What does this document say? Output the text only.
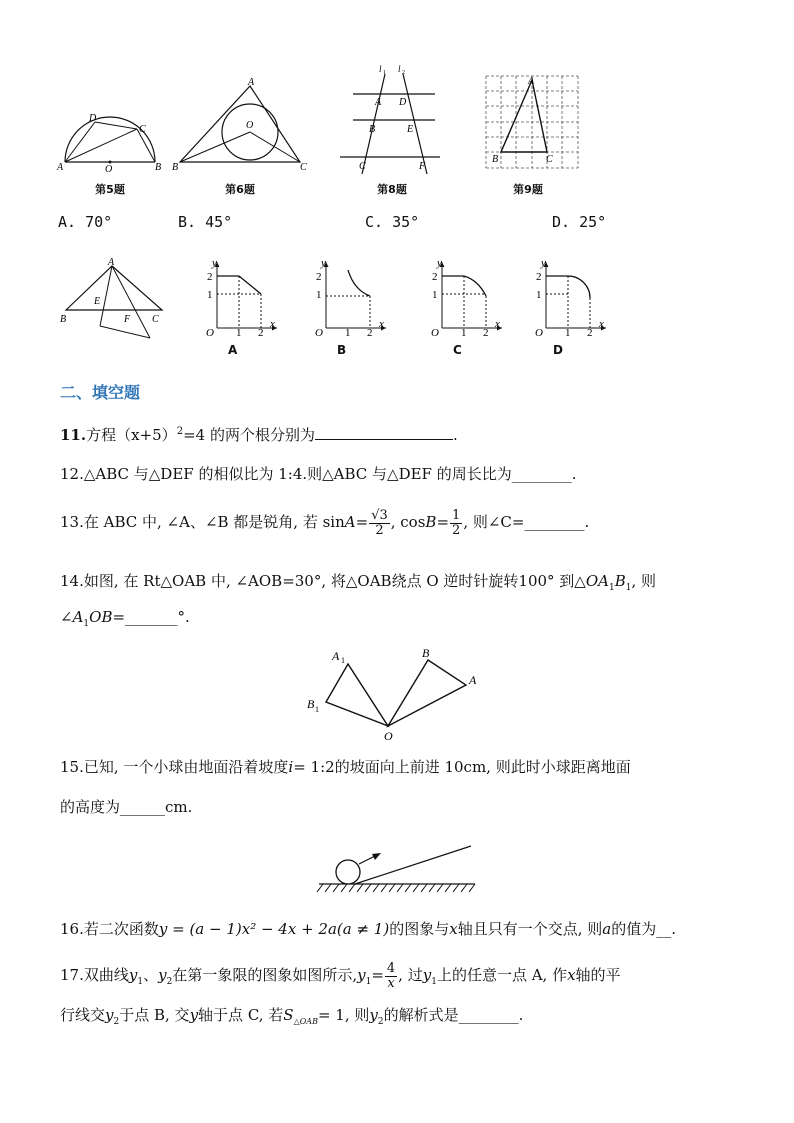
A	B
C
D
O
第5题
A
B	C
O
第6题
l 1 l 2
A D
B	E
C	F
第8题
A
B	C
第9题
A. 70°	B. 45°	C. 35°	D. 25°
A
B	C
E
F
y
x
O
2
1
1 2
A
y
x
O
2
1
1 2
B
y
x
O
2
1
1 2
C
y
x
O
2
1
1 2
D
二、填空题
11.方程$(x+5)^2=4$ 的两个根分别为	.
12.△ABC 与△DEF 的相似比为 1:4.则△ABC 与△DEF 的周长比为________.
13.在 ABC 中, ∠A、∠B 都是锐角, 若 $\sin A= \frac{√3}{2}$ , $\cos B= \frac{1}{2}$ , 则∠C=________.
14.如图, 在 Rt△OAB 中, ∠AOB=30°, 将△OAB绕点 O 逆时针旋转100° 到$\triangle OA_1B_1$, 则
$\angle A_1OB=\_\_\_\_\_\_\_^\circ$.
A 1
B 1
B
A
O
15.已知, 一个小球由地面沿着坡度i= 1:2的坡面向上前进 10cm, 则此时小球距离地面
的高度为______cm.
16.若二次函数y = (a − 1)x² − 4x + 2a(a ≠ 1)的图象与x轴且只有一个交点, 则a的值为__.
17.双曲线$y_1$、$y_2$在第一象限的图象如图所示$,y_1= \frac{4}{x}$ , 过$y_1$上的任意一点 A, 作x轴的平
行线交$y_2$于点 B, 交y轴于点 C, 若$S_{\triangle OAB}= 1$, 则$y_2$的解析式是________.
